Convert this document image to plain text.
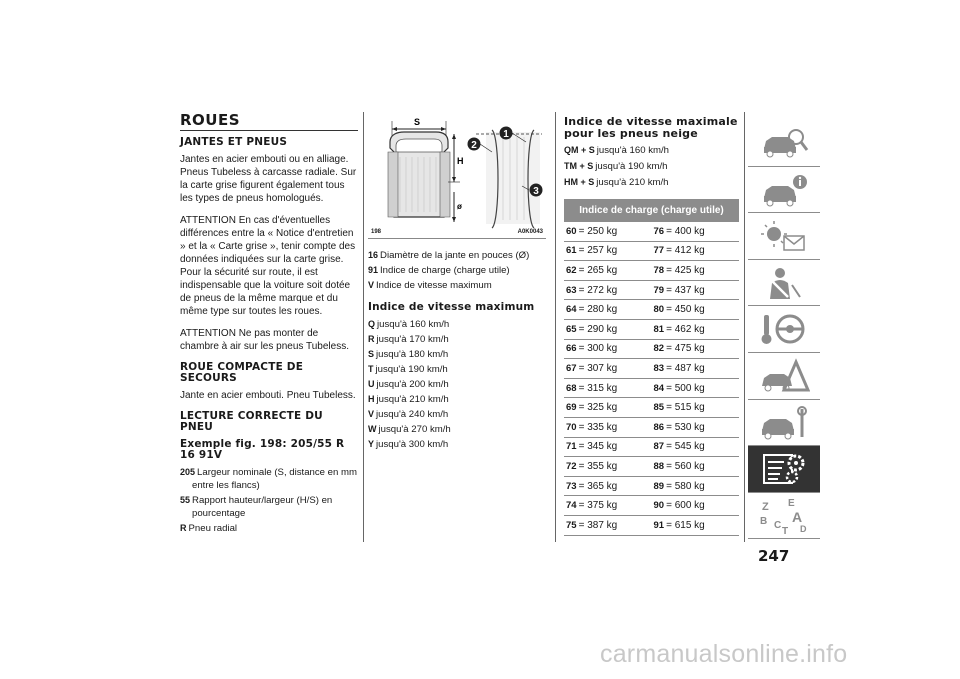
ROUES
JANTES ET PNEUS

Jantes en acier embouti ou en alliage. Pneus Tubeless à carcasse radiale. Sur la carte grise figurent également tous les types de pneus homologués.

ATTENTION En cas d'éventuelles différences entre la « Notice d'entretien » et la « Carte grise », tenir compte des données indiquées sur la carte grise. Pour la sécurité sur route, il est indispensable que la voiture soit dotée de pneus de la même marque et du même type sur toutes les roues.

ATTENTION Ne pas monter de chambre à air sur les pneus Tubeless.

ROUE COMPACTE DE SECOURS

Jante en acier embouti. Pneu Tubeless.

LECTURE CORRECTE DU PNEU
Exemple fig. 198: 205/55 R 16 91V

205 Largeur nominale (S, distance en mm entre les flancs)

55 Rapport hauteur/largeur (H/S) en pourcentage

R Pneu radial

S
H
ø
1
2
3
198	A0K0043

16 Diamètre de la jante en pouces (Ø)

91 Indice de charge (charge utile)

V Indice de vitesse maximum

Indice de vitesse maximum

Q jusqu'à 160 km/h

R jusqu'à 170 km/h

S jusqu'à 180 km/h

T jusqu'à 190 km/h

U jusqu'à 200 km/h

H jusqu'à 210 km/h

V jusqu'à 240 km/h

W jusqu'à 270 km/h

Y jusqu'à 300 km/h

Indice de vitesse maximale pour les pneus neige

QM + S jusqu'à 160 km/h

TM + S jusqu'à 190 km/h

HM + S jusqu'à 210 km/h

Indice de charge (charge utile)
60 = 250 kg	76 = 400 kg
61 = 257 kg	77 = 412 kg
62 = 265 kg	78 = 425 kg
63 = 272 kg	79 = 437 kg
64 = 280 kg	80 = 450 kg
65 = 290 kg	81 = 462 kg
66 = 300 kg	82 = 475 kg
67 = 307 kg	83 = 487 kg
68 = 315 kg	84 = 500 kg
69 = 325 kg	85 = 515 kg
70 = 335 kg	86 = 530 kg
71 = 345 kg	87 = 545 kg
72 = 355 kg	88 = 560 kg
73 = 365 kg	89 = 580 kg
74 = 375 kg	90 = 600 kg
75 = 387 kg	91 = 615 kg
Z E
B A
C
T D
247
carmanualsonline.info
